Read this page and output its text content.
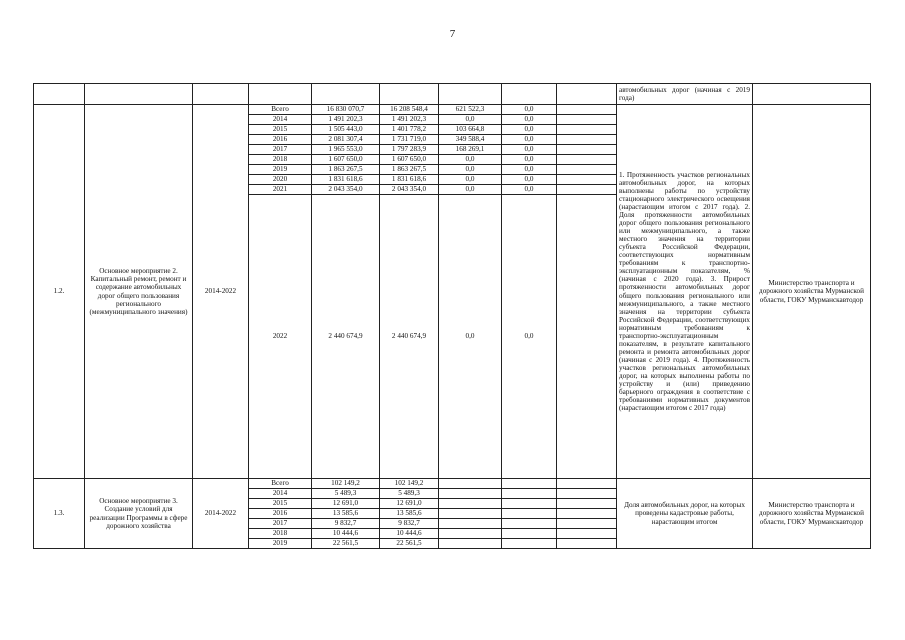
7
									автомобильных дорог (начиная с 2019 года)	
1.2.	Основное мероприятие 2. Капитальный ремонт, ремонт и содержание автомобильных дорог общего пользования регионального (межмуниципального значения)	2014-2022	Всего	16 830 070,7	16 208 548,4	621 522,3	0,0		1. Протяженность участков региональных автомобильных дорог, на которых выполнены работы по устройству стационарного электрического освещения (нарастающим итогом с 2017 года). 2. Доля протяженности автомобильных дорог общего пользования регионального или межмуниципального, а также местного значения на территории субъекта Российской Федерации, соответствующих нормативным требованиям к транспортно-эксплуатационным показателям, % (начиная с 2020 года). 3. Прирост протяженности автомобильных дорог общего пользования регионального или межмуниципального, а также местного значения на территории субъекта Российской Федерации, соответствующих нормативным требованиям к транспортно-эксплуатационным показателям, в результате капитального ремонта и ремонта автомобильных дорог (начиная с 2019 года). 4. Протяженность участков региональных автомобильных дорог, на которых выполнены работы по устройству и (или) приведению барьерного ограждения в соответствие с требованиями нормативных документов (нарастающим итогом с 2017 года)	Министерство транспорта и дорожного хозяйства Мурманской области, ГОКУ Мурманскавтодор
			2014	1 491 202,3	1 491 202,3	0,0	0,0			
			2015	1 505 443,0	1 401 778,2	103 664,8	0,0			
			2016	2 081 307,4	1 731 719,0	349 588,4	0,0			
			2017	1 965 553,0	1 797 283,9	168 269,1	0,0			
			2018	1 607 650,0	1 607 650,0	0,0	0,0			
			2019	1 863 267,5	1 863 267,5	0,0	0,0			
			2020	1 831 618,6	1 831 618,6	0,0	0,0			
			2021	2 043 354,0	2 043 354,0	0,0	0,0			
			2022	2 440 674,9	2 440 674,9	0,0	0,0			
1.3.	Основное мероприятие 3. Создание условий для реализации Программы в сфере дорожного хозяйства	2014-2022	Всего	102 149,2	102 149,2				Доля автомобильных дорог, на которых проведены кадастровые работы, нарастающим итогом	Министерство транспорта и дорожного хозяйства Мурманской области, ГОКУ Мурманскавтодор
			2014	5 489,3	5 489,3					
			2015	12 691,0	12 691,0					
			2016	13 585,6	13 585,6					
			2017	9 832,7	9 832,7					
			2018	10 444,6	10 444,6					
			2019	22 561,5	22 561,5					
